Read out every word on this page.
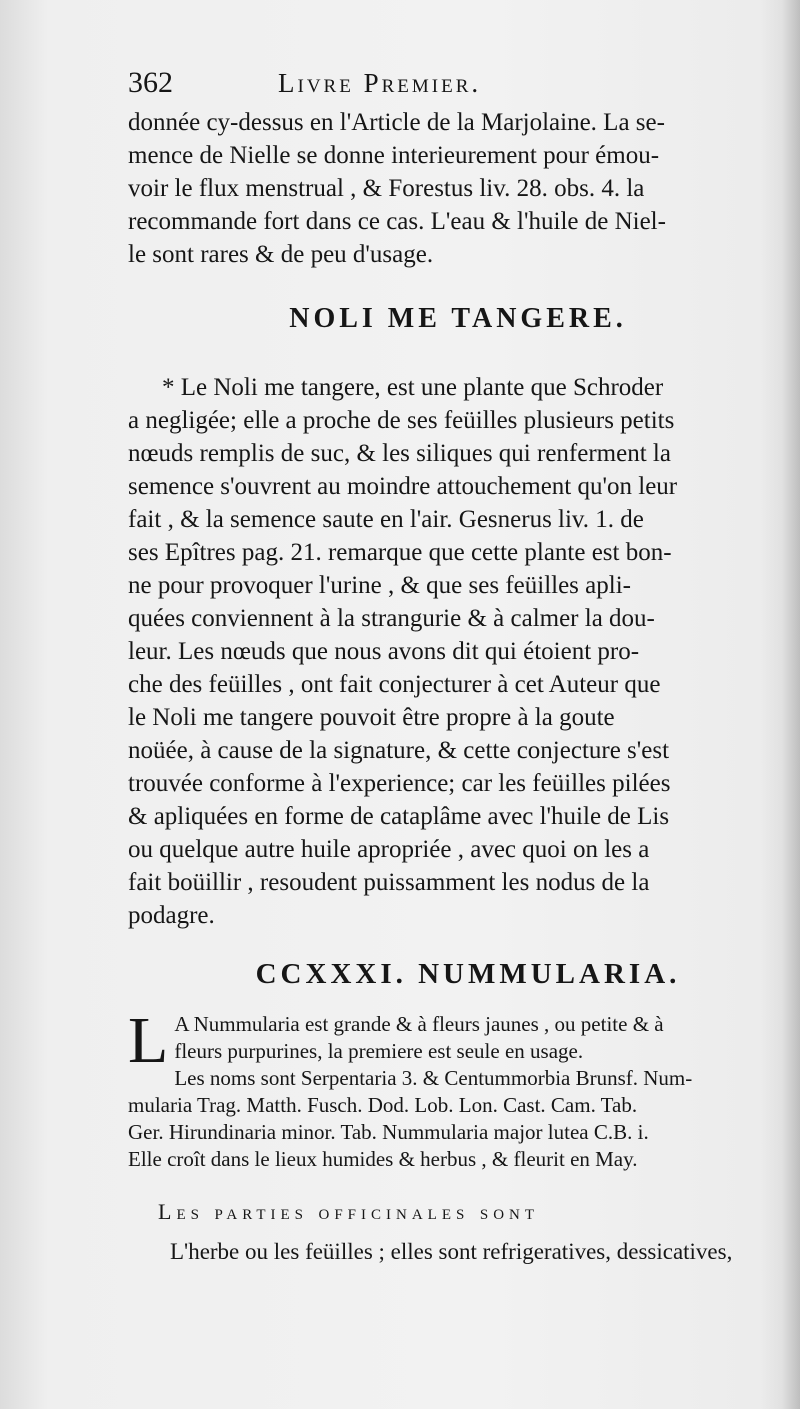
362	Livre Premier.

donnée cy-dessus en l'Article de la Marjolaine. La se-
mence de Nielle se donne interieurement pour émou-
voir le flux menstrual , & Forestus liv. 28. obs. 4. la
recommande fort dans ce cas. L'eau & l'huile de Niel-
le sont rares & de peu d'usage.

NOLI ME TANGERE.

* Le Noli me tangere, est une plante que Schroder
a negligée; elle a proche de ses feüilles plusieurs petits
nœuds remplis de suc, & les siliques qui renferment la
semence s'ouvrent au moindre attouchement qu'on leur
fait , & la semence saute en l'air. Gesnerus liv. 1. de
ses Epîtres pag. 21. remarque que cette plante est bon-
ne pour provoquer l'urine , & que ses feüilles apli-
quées conviennent à la strangurie & à calmer la dou-
leur. Les nœuds que nous avons dit qui étoient pro-
che des feüilles , ont fait conjecturer à cet Auteur que
le Noli me tangere pouvoit être propre à la goute
noüée, à cause de la signature, & cette conjecture s'est
trouvée conforme à l'experience; car les feüilles pilées
& apliquées en forme de cataplâme avec l'huile de Lis
ou quelque autre huile apropriée , avec quoi on les a
fait boüillir , resoudent puissamment les nodus de la
podagre.

CCXXXI. NUMMULARIA.
L A Nummularia est grande & à fleurs jaunes , ou petite & à
fleurs purpurines, la premiere est seule en usage.
Les noms sont Serpentaria 3. & Centummorbia Brunsf. Num-
mularia Trag. Matth. Fusch. Dod. Lob. Lon. Cast. Cam. Tab.
Ger. Hirundinaria minor. Tab. Nummularia major lutea C.B. i.
Elle croît dans le lieux humides & herbus , & fleurit en May.
Les parties officinales sont
L'herbe ou les feüilles ; elles sont refrigeratives, dessicatives,
